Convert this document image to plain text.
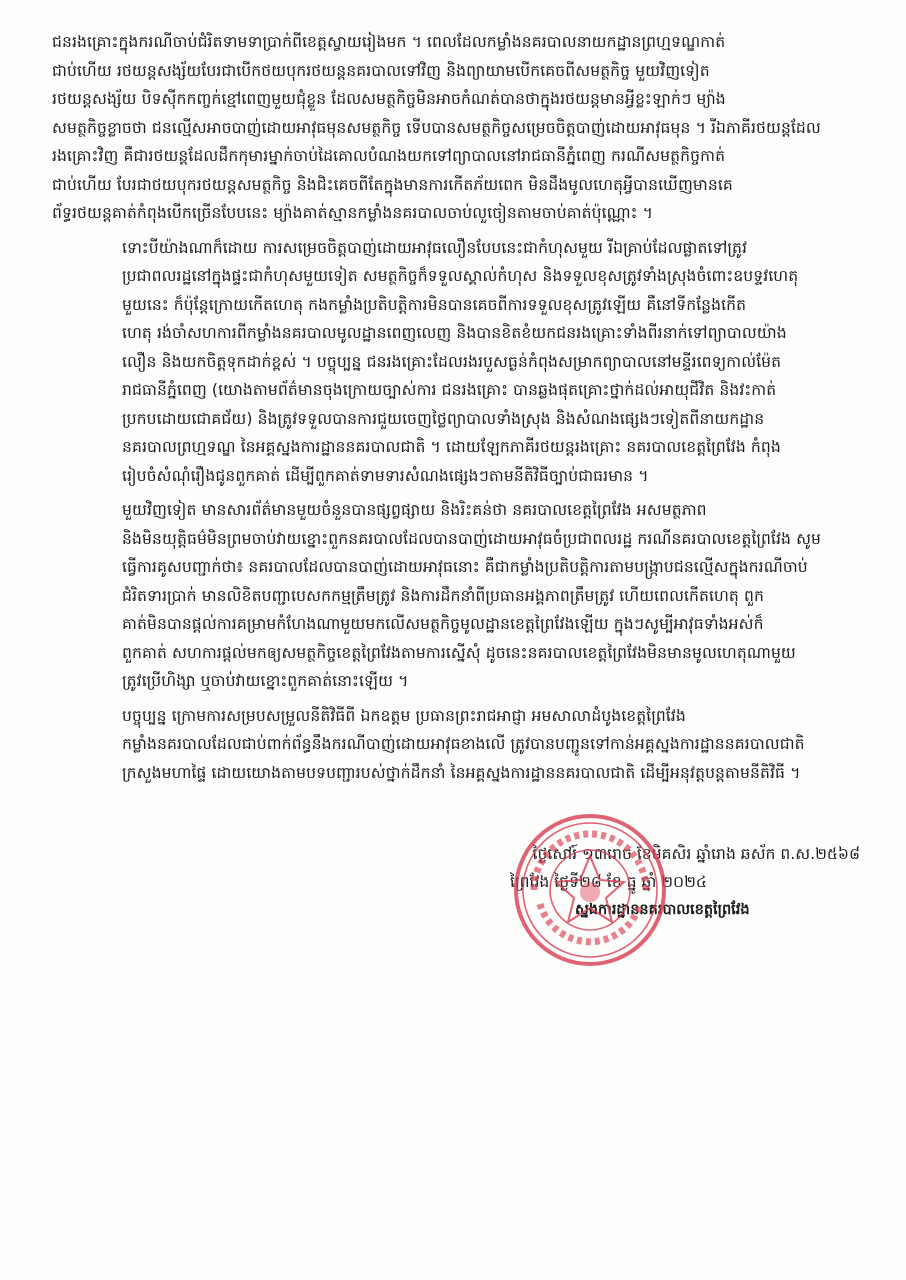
ជនរងគ្រោះក្នុងករណីចាប់ជំរិតទាមទាប្រាក់ពីខេត្តស្វាយរៀងមក ។ ពេលដែលកម្លាំងនគរបាលនាយកដ្ឋានព្រហ្មទណ្ឌកាត់
ជាប់ហើយ រថយន្តសង្ស័យបែរជាបើកថយបុករថយន្តនគរបាលទៅវិញ និងព្យាយាមបើកគេចពីសមត្ថកិច្ច មួយវិញទៀត
រថយន្តសង្ស័យ បិទស៊ីកកញ្ចក់ខ្មៅពេញមួយជុំខ្លួន ដែលសមត្ថកិច្ចមិនអាចកំណត់បានថាក្នុងរថយន្តមានអ្វីខ្លះឡាក់ៗ ម្យ៉ាង
សមត្ថកិច្ចខ្លាចថា ជនល្មើសអាចបាញ់ដោយអាវុធមុនសមត្ថកិច្ច ទើបបានសមត្ថកិច្ចសម្រេចចិត្តបាញ់ដោយអាវុធមុន ។ រីឯភាគីរថយន្តដែល
រងគ្រោះវិញ គឺជារថយន្តដែលដឹកកុមារម្នាក់ចាប់ដៃគោលបំណងយកទៅព្យាបាលនៅរាជធានីភ្នំពេញ ករណីសមត្ថកិច្ចកាត់
ជាប់ហើយ បែរជាថយបុករថយន្តសមត្ថកិច្ច និងជិះគេចពីតែក្នុងមានការកើតភ័យពេក មិនដឹងមូលហេតុអ្វីបានឃើញមានគេ
ព័ទ្ធរថយន្តគាត់កំពុងបើកច្រើនបែបនេះ ម្យ៉ាងគាត់ស្មានកម្លាំងនគរបាលចាប់លួចៀនតាមចាប់គាត់ប៉ុណ្ណោះ ។
ទោះបីយ៉ាងណាក៏ដោយ ការសម្រេចចិត្តបាញ់ដោយអាវុធលឿនបែបនេះជាកំហុសមួយ រីឯគ្រាប់ដែលផ្លាតទៅត្រូវ
ប្រជាពលរដ្ឋនៅក្នុងផ្ទះជាកំហុសមួយទៀត សមត្ថកិច្ចក៏ទទួលស្គាល់កំហុស និងទទួលខុសត្រូវទាំងស្រុងចំពោះឧបទ្ទវហេតុ
មួយនេះ ក៏ប៉ុន្តែក្រោយកើតហេតុ កងកម្លាំងប្រតិបត្តិការមិនបានគេចពីការទទួលខុសត្រូវឡើយ គឺនៅទីកន្លែងកើត
ហេតុ រង់ចាំសហការពីកម្លាំងនគរបាលមូលដ្ឋានពេញលេញ និងបានខិតខំយកជនរងគ្រោះទាំងពីរនាក់ទៅព្យាបាលយ៉ាង
លឿន និងយកចិត្តទុកដាក់ខ្ពស់ ។ បច្ចុប្បន្ន ជនរងគ្រោះដែលរងរបួសធ្ងន់កំពុងសម្រាកព្យាបាលនៅមន្ទីរពេទ្យកាល់ម៉ែត
រាជធានីភ្នំពេញ (យោងតាមព័ត៌មានចុងក្រោយច្បាស់ការ ជនរងគ្រោះ បានឆ្លងផុតគ្រោះថ្នាក់ដល់អាយុជីវិត និងវះកាត់
ប្រកបដោយជោគជ័យ) និងត្រូវទទួលបានការជួយចេញថ្លៃព្យាបាលទាំងស្រុង និងសំណងផ្សេងៗទៀតពីនាយកដ្ឋាន
នគរបាលព្រហ្មទណ្ឌ នៃអគ្គស្នងការដ្ឋាននគរបាលជាតិ ។ ដោយឡែកភាគីរថយន្តរងគ្រោះ នគរបាលខេត្តព្រៃវែង កំពុង
រៀបចំសំណុំរឿងជូនពួកគាត់ ដើម្បីពួកគាត់ទាមទារសំណងផ្សេងៗតាមនីតិវិធីច្បាប់ជាធរមាន ។
មួយវិញទៀត មានសារព័ត៌មានមួយចំនួនបានផ្សព្វផ្សាយ និងរិះគន់ថា នគរបាលខេត្តព្រៃវែង អសមត្ថភាព
និងមិនយុត្តិធម៌មិនព្រមចាប់វាយខ្នោះពួកនគរបាលដែលបានបាញ់ដោយអាវុធចំប្រជាពលរដ្ឋ ករណីនគរបាលខេត្តព្រៃវែង សូម
ធ្វើការគូសបញ្ជាក់ថា៖ នគរបាលដែលបានបាញ់ដោយអាវុធនោះ គឺជាកម្លាំងប្រតិបត្តិការតាមបង្ក្រាបជនល្មើសក្នុងករណីចាប់
ជំរិតទារប្រាក់ មានលិខិតបញ្ជាបេសកកម្មត្រឹមត្រូវ និងការដឹកនាំពីប្រធានអង្គភាពត្រឹមត្រូវ ហើយពេលកើតហេតុ ពួក
គាត់មិនបានផ្តល់ការគម្រាមកំហែងណាមួយមកលើសមត្ថកិច្ចមូលដ្ឋានខេត្តព្រៃវែងឡើយ ក្នុងៗសូម្បីអាវុធទាំងអស់ក៏
ពួកគាត់ សហការផ្តល់មកឲ្យសមត្ថកិច្ចខេត្តព្រៃវែងតាមការស្នើសុំ ដូចនេះនគរបាលខេត្តព្រៃវែងមិនមានមូលហេតុណាមួយ
ត្រូវប្រើហិង្សា ឬចាប់វាយខ្នោះពួកគាត់នោះឡើយ ។
បច្ចុប្បន្ន ក្រោមការសម្របសម្រួលនីតិវិធីពី ឯកឧត្តម ប្រធានព្រះរាជអាជ្ញា អមសាលាដំបូងខេត្តព្រៃវែង
កម្លាំងនគរបាលដែលជាប់ពាក់ព័ន្ធនឹងករណីបាញ់ដោយអាវុធខាងលើ ត្រូវបានបញ្ជូនទៅកាន់អគ្គស្នងការដ្ឋាននគរបាលជាតិ
ក្រសួងមហាផ្ទៃ ដោយយោងតាមបទបញ្ជារបស់ថ្នាក់ដឹកនាំ នៃអគ្គស្នងការដ្ឋាននគរបាលជាតិ ដើម្បីអនុវត្តបន្តតាមនីតិវិធី ។
ថ្ងៃសៅរ៍ ១៣រោច ខែមិគសិរ ឆ្នាំរោង ឆស័ក ព.ស.២៥៦៨
ព្រៃវែង ថ្ងៃទី២៨ ខែ ធ្នូ ឆ្នាំ ២០២៤
ស្នងការដ្ឋាននគរបាលខេត្តព្រៃវែង
